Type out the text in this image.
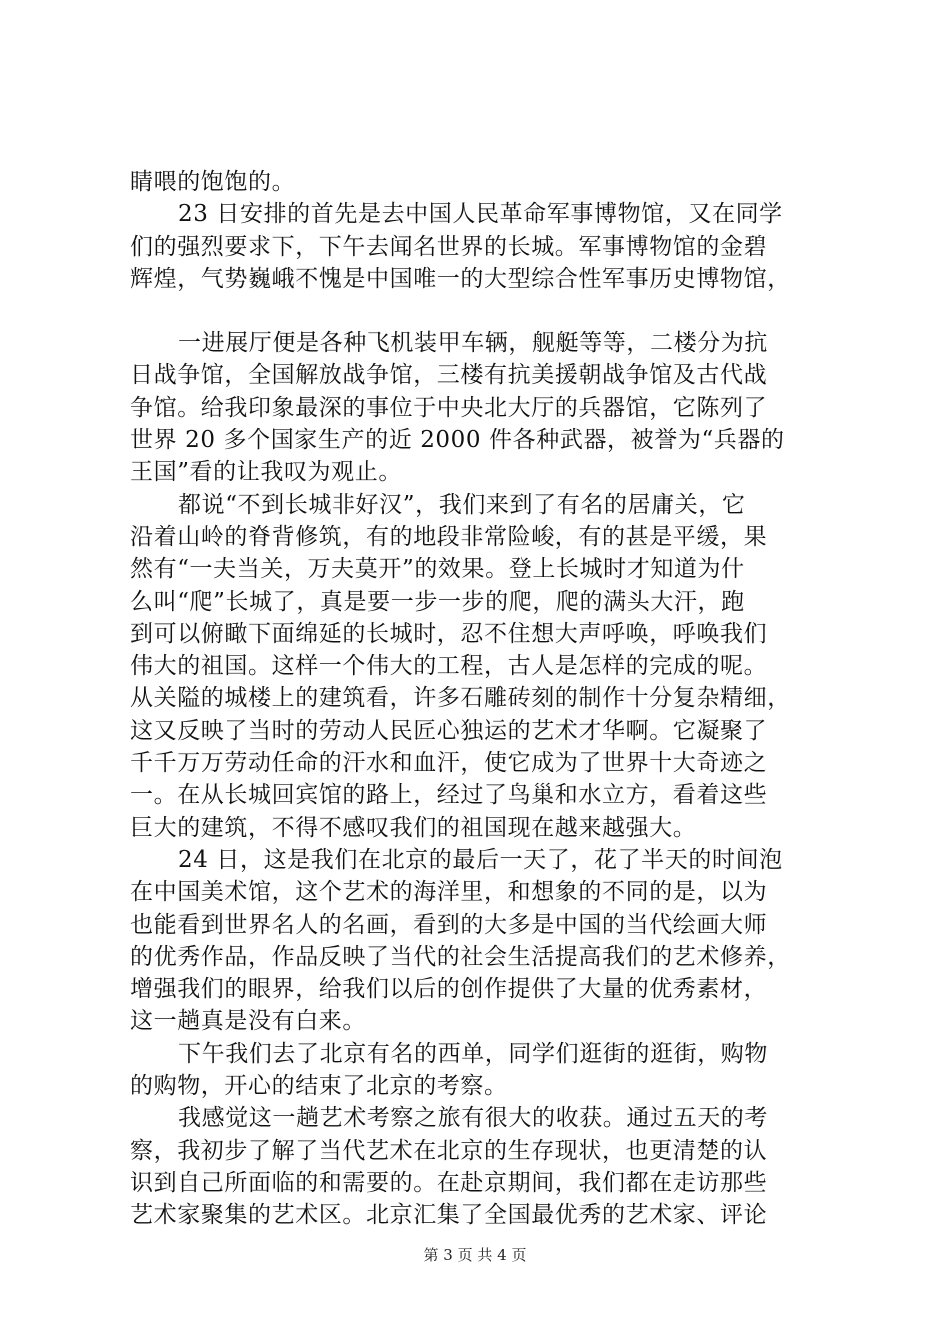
睛喂的饱饱的。
23 日安排的首先是去中国人民革命军事博物馆，又在同学
们的强烈要求下，下午去闻名世界的长城。军事博物馆的金碧
辉煌，气势巍峨不愧是中国唯一的大型综合性军事历史博物馆，
一进展厅便是各种飞机装甲车辆，舰艇等等，二楼分为抗
日战争馆，全国解放战争馆，三楼有抗美援朝战争馆及古代战
争馆。给我印象最深的事位于中央北大厅的兵器馆，它陈列了
世界 20 多个国家生产的近 2000 件各种武器，被誉为“兵器的
王国”看的让我叹为观止。
都说“不到长城非好汉”，我们来到了有名的居庸关，它
沿着山岭的脊背修筑，有的地段非常险峻，有的甚是平缓，果
然有“一夫当关，万夫莫开”的效果。登上长城时才知道为什
么叫“爬”长城了，真是要一步一步的爬，爬的满头大汗，跑
到可以俯瞰下面绵延的长城时，忍不住想大声呼唤，呼唤我们
伟大的祖国。这样一个伟大的工程，古人是怎样的完成的呢。
从关隘的城楼上的建筑看，许多石雕砖刻的制作十分复杂精细，
这又反映了当时的劳动人民匠心独运的艺术才华啊。它凝聚了
千千万万劳动任命的汗水和血汗，使它成为了世界十大奇迹之
一。在从长城回宾馆的路上，经过了鸟巢和水立方，看着这些
巨大的建筑，不得不感叹我们的祖国现在越来越强大。
24 日，这是我们在北京的最后一天了，花了半天的时间泡
在中国美术馆，这个艺术的海洋里，和想象的不同的是，以为
也能看到世界名人的名画，看到的大多是中国的当代绘画大师
的优秀作品，作品反映了当代的社会生活提高我们的艺术修养，
增强我们的眼界，给我们以后的创作提供了大量的优秀素材，
这一趟真是没有白来。
下午我们去了北京有名的西单，同学们逛街的逛街，购物
的购物，开心的结束了北京的考察。
我感觉这一趟艺术考察之旅有很大的收获。通过五天的考
察，我初步了解了当代艺术在北京的生存现状，也更清楚的认
识到自己所面临的和需要的。在赴京期间，我们都在走访那些
艺术家聚集的艺术区。北京汇集了全国最优秀的艺术家、评论
第 3 页 共 4 页
